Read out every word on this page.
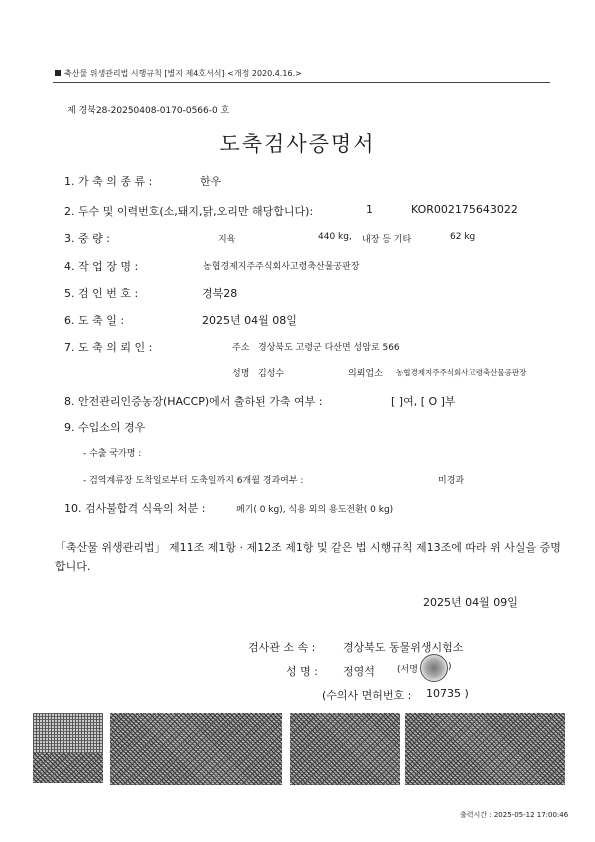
축산물 위생관리법 시행규칙 [별지 제4호서식] <개정 2020.4.16.>
제 경북28-20250408-0170-0566-0 호
도축검사증명서
1. 가 축 의 종 류 :	한우
2. 두수 및 이력번호(소,돼지,닭,오리만 해당합니다):	1	KOR002175643022
3. 중 량 :	지육	440 kg, 내장 등 기타	62 kg
4. 작 업 장 명 :	농협경제지주주식회사고령축산물공판장
5. 검 인 번 호 :	경북28
6. 도 축 일 :	2025년 04월 08일
7. 도 축 의 뢰 인 :	주소 경상북도 고령군 다산면 성암로 566
성명 김성수	의뢰업소 농협경제지주주식회사고령축산물공판장
8. 안전관리인증농장(HACCP)에서 출하된 가축 여부 :	[ ]여, [ O ]부
9. 수입소의 경우
- 수출 국가명 :
- 검역계류장 도착일로부터 도축일까지 6개월 경과여부 :	미경과
10. 검사불합격 식육의 처분 :	폐기( 0 kg), 식용 외의 용도전환( 0 kg)
「축산물 위생관리법」 제11조 제1항 · 제12조 제1항 및 같은 법 시행규칙 제13조에 따라 위 사실을 증명
합니다.
2025년 04월 09일
검사관 소 속 :	경상북도 동물위생시험소
성 명 : 정영석 (서명	)
(수의사 면허번호 : 10735 )
출력시간 : 2025-05-12 17:00:46
